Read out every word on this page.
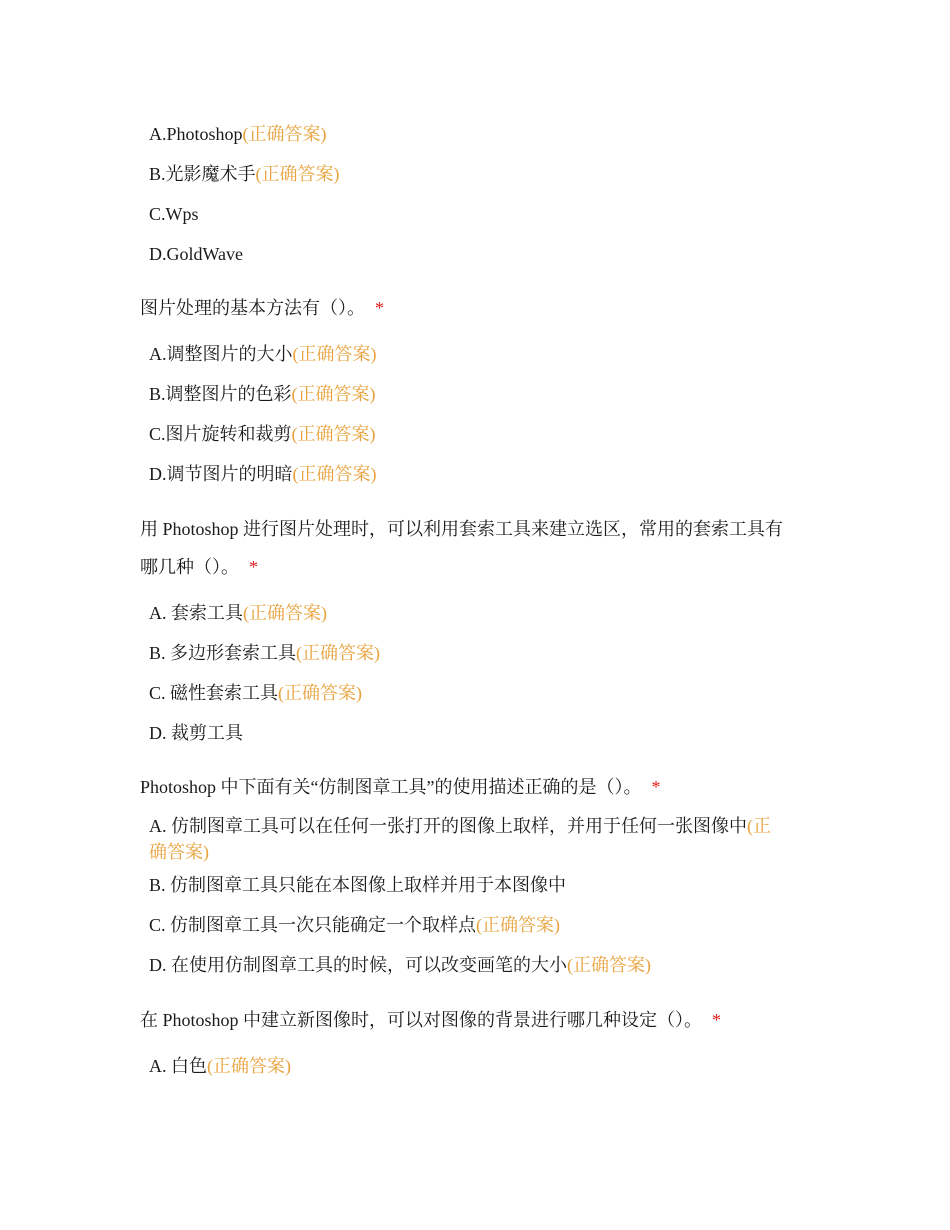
A.Photoshop(正确答案)
B.光影魔术手(正确答案)
C.Wps
D.GoldWave
图片处理的基本方法有（）。 *
A.调整图片的大小(正确答案)
B.调整图片的色彩(正确答案)
C.图片旋转和裁剪(正确答案)
D.调节图片的明暗(正确答案)
用 Photoshop 进行图片处理时，可以利用套索工具来建立选区，常用的套索工具有
哪几种（）。 *
A. 套索工具(正确答案)
B. 多边形套索工具(正确答案)
C. 磁性套索工具(正确答案)
D. 裁剪工具
Photoshop 中下面有关“仿制图章工具”的使用描述正确的是（）。 *
A. 仿制图章工具可以在任何一张打开的图像上取样，并用于任何一张图像中(正
确答案)
B. 仿制图章工具只能在本图像上取样并用于本图像中
C. 仿制图章工具一次只能确定一个取样点(正确答案)
D. 在使用仿制图章工具的时候，可以改变画笔的大小(正确答案)
在 Photoshop 中建立新图像时，可以对图像的背景进行哪几种设定（）。 *
A. 白色(正确答案)
